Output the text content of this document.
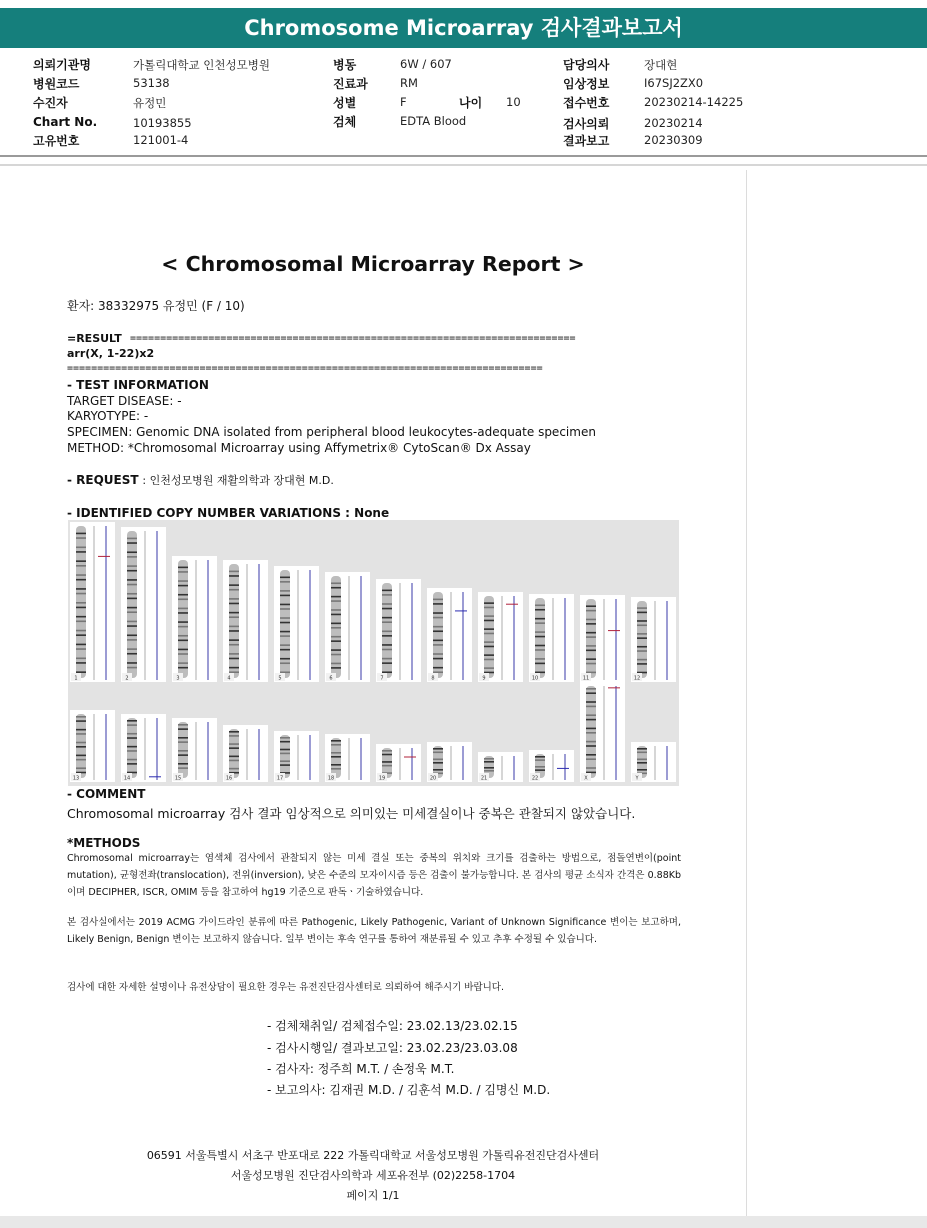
Chromosome Microarray 검사결과보고서
의뢰기관명	가톨릭대학교 인천성모병원
병원코드	53138
수진자	유정민
Chart No.	10193855
고유번호	121001-4
병동	6W / 607
진료과	RM
성별	F	나이 10
검체	EDTA Blood
담당의사	장대현
임상정보	I67SJ2ZX0
접수번호	20230214-14225
검사의뢰	20230214
결과보고	20230309
< Chromosomal Microarray Report >
환자: 38332975 유정민 (F / 10)
=RESULT ==========================================================================
arr(X, 1-22)x2
===============================================================================
- TEST INFORMATION
TARGET DISEASE: -
KARYOTYPE: -
SPECIMEN: Genomic DNA isolated from peripheral blood leukocytes-adequate specimen
METHOD: *Chromosomal Microarray using Affymetrix® CytoScan® Dx Assay
- REQUEST : 인천성모병원 재활의학과 장대현 M.D.
- IDENTIFIED COPY NUMBER VARIATIONS : None
1	2	3	4	5	6	7	8	9	10	11	12
13	14	15	16	17	18	19	20	21	22	X	Y
- COMMENT
Chromosomal microarray 검사 결과 임상적으로 의미있는 미세결실이나 중복은 관찰되지 않았습니다.
*METHODS
Chromosomal microarray는 염색체 검사에서 관찰되지 않는 미세 결실 또는 중복의 위치와 크기를 검출하는 방법으로, 점돌연변이(point mutation), 균형전좌(translocation), 전위(inversion), 낮은 수준의 모자이시즘 등은 검출이 불가능합니다. 본 검사의 평균 소식자 간격은 0.88Kb이며 DECIPHER, ISCR, OMIM 등을 참고하여 hg19 기준으로 판독ㆍ기술하였습니다.
본 검사실에서는 2019 ACMG 가이드라인 분류에 따른 Pathogenic, Likely Pathogenic, Variant of Unknown Significance 변이는 보고하며, Likely Benign, Benign 변이는 보고하지 않습니다. 일부 변이는 후속 연구를 통하여 재분류될 수 있고 추후 수정될 수 있습니다.
검사에 대한 자세한 설명이나 유전상담이 필요한 경우는 유전진단검사센터로 의뢰하여 해주시기 바랍니다.
- 검체채취일/ 검체접수일: 23.02.13/23.02.15
- 검사시행일/ 결과보고일: 23.02.23/23.03.08
- 검사자: 정주희 M.T. / 손정욱 M.T.
- 보고의사: 김재권 M.D. / 김훈석 M.D. / 김명신 M.D.
06591 서울특별시 서초구 반포대로 222 가톨릭대학교 서울성모병원 가톨릭유전진단검사센터
서울성모병원 진단검사의학과 세포유전부 (02)2258-1704
페이지 1/1
